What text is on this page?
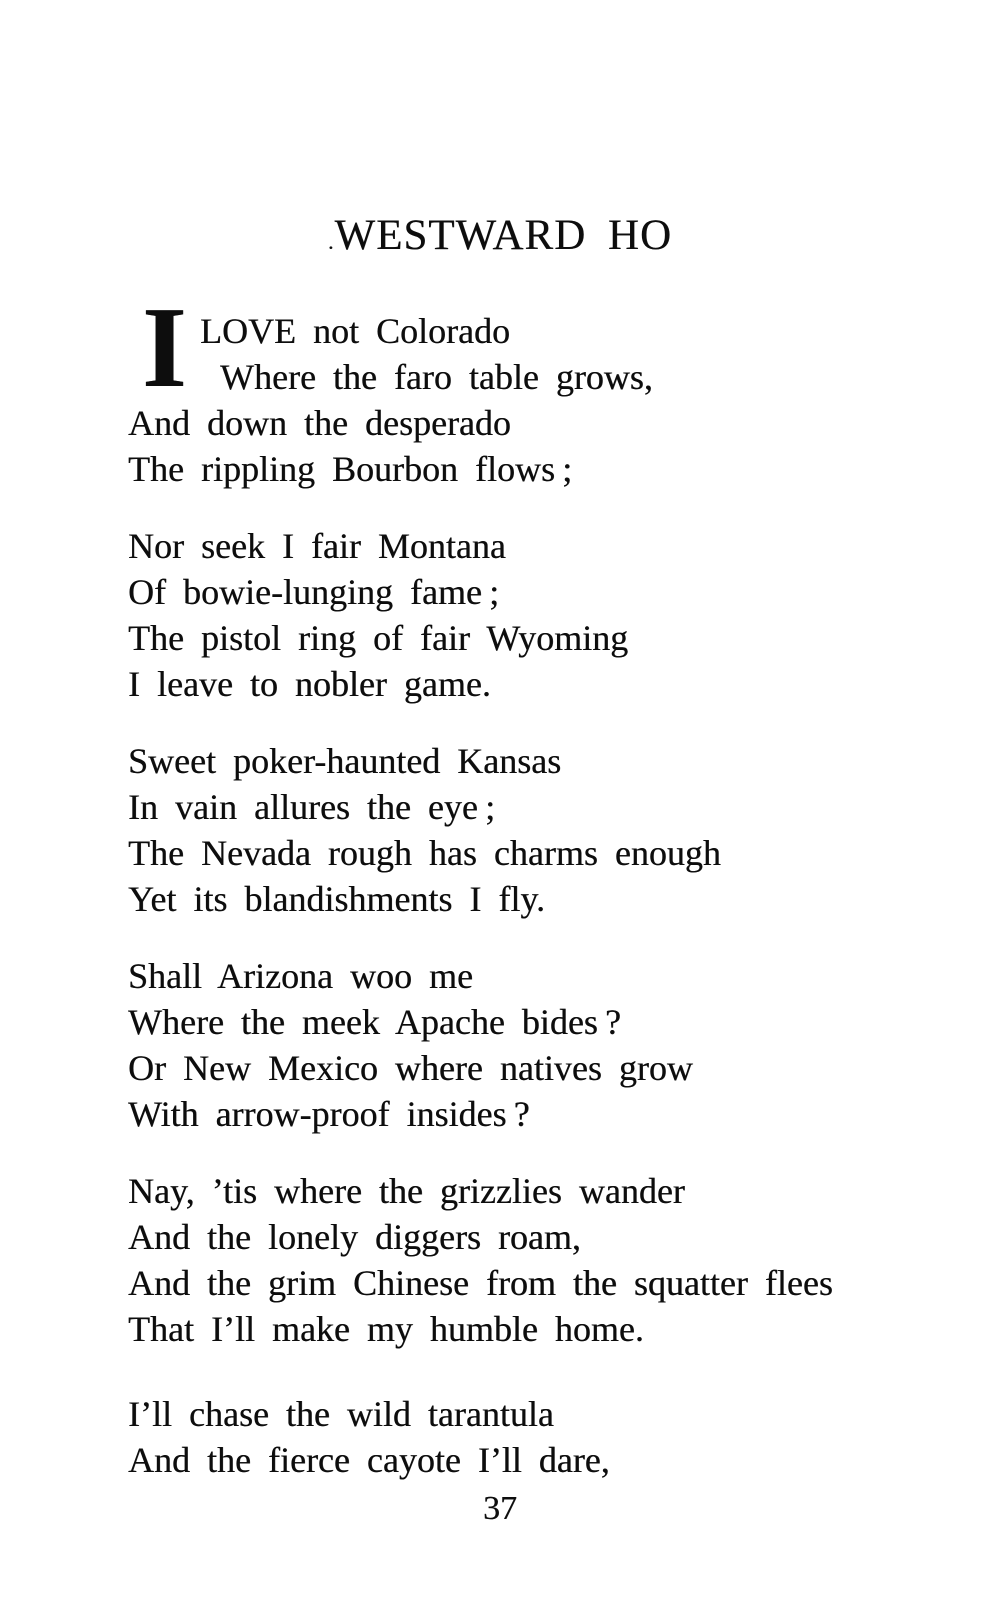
.WESTWARD HO
I LOVE not Colorado
Where the faro table grows,
And down the desperado
The rippling Bourbon flows ;
Nor seek I fair Montana
Of bowie-lunging fame ;
The pistol ring of fair Wyoming
I leave to nobler game.
Sweet poker-haunted Kansas
In vain allures the eye ;
The Nevada rough has charms enough
Yet its blandishments I fly.
Shall Arizona woo me
Where the meek Apache bides ?
Or New Mexico where natives grow
With arrow-proof insides ?
Nay, ’tis where the grizzlies wander
And the lonely diggers roam,
And the grim Chinese from the squatter flees
That I’ll make my humble home.
I’ll chase the wild tarantula
And the fierce cayote I’ll dare,
37
